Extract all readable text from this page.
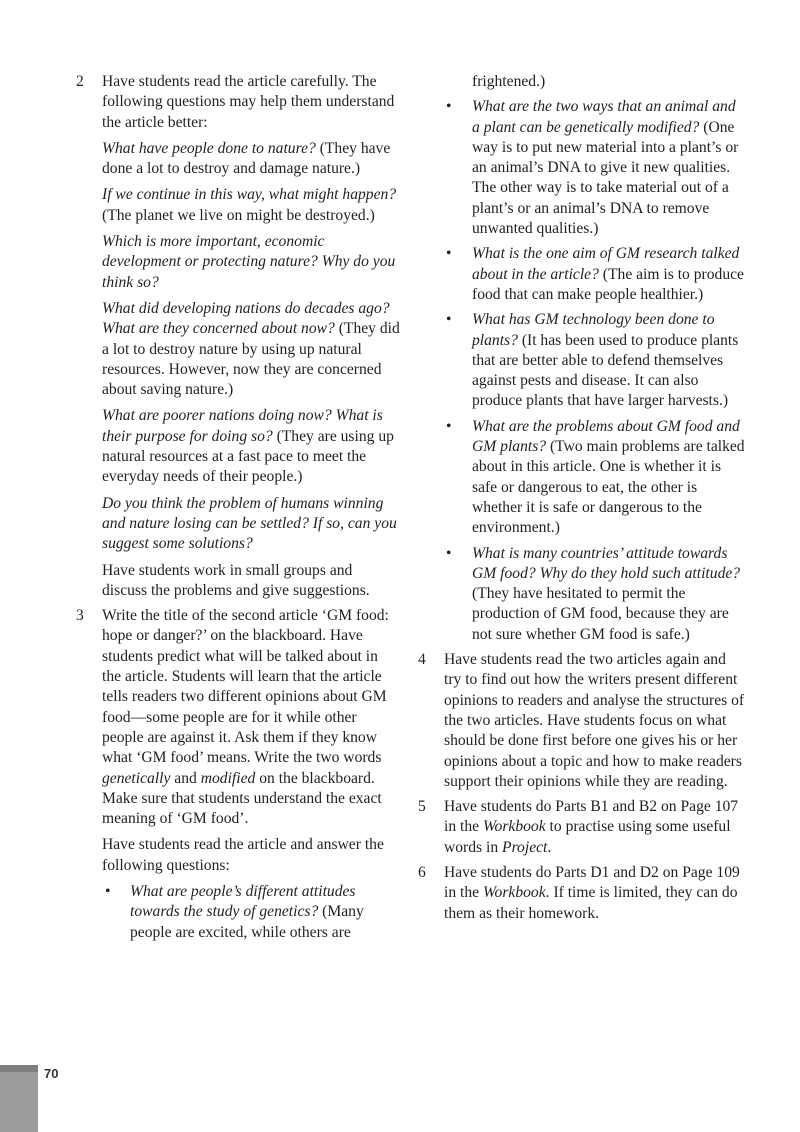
2 Have students read the article carefully. The following questions may help them understand the article better:

What have people done to nature? (They have done a lot to destroy and damage nature.)

If we continue in this way, what might happen? (The planet we live on might be destroyed.)

Which is more important, economic development or protecting nature? Why do you think so?

What did developing nations do decades ago? What are they concerned about now? (They did a lot to destroy nature by using up natural resources. However, now they are concerned about saving nature.)

What are poorer nations doing now? What is their purpose for doing so? (They are using up natural resources at a fast pace to meet the everyday needs of their people.)

Do you think the problem of humans winning and nature losing can be settled? If so, can you suggest some solutions?

Have students work in small groups and discuss the problems and give suggestions.

3 Write the title of the second article ‘GM food: hope or danger?’ on the blackboard. Have students predict what will be talked about in the article. Students will learn that the article tells readers two different opinions about GM food—some people are for it while other people are against it. Ask them if they know what ‘GM food’ means. Write the two words genetically and modified on the blackboard. Make sure that students understand the exact meaning of ‘GM food’.

Have students read the article and answer the following questions:

• What are people’s different attitudes towards the study of genetics? (Many people are excited, while others are

frightened.)

• What are the two ways that an animal and a plant can be genetically modified? (One way is to put new material into a plant’s or an animal’s DNA to give it new qualities. The other way is to take material out of a plant’s or an animal’s DNA to remove unwanted qualities.)

• What is the one aim of GM research talked about in the article? (The aim is to produce food that can make people healthier.)

• What has GM technology been done to plants? (It has been used to produce plants that are better able to defend themselves against pests and disease. It can also produce plants that have larger harvests.)

• What are the problems about GM food and GM plants? (Two main problems are talked about in this article. One is whether it is safe or dangerous to eat, the other is whether it is safe or dangerous to the environment.)

• What is many countries’ attitude towards GM food? Why do they hold such attitude? (They have hesitated to permit the production of GM food, because they are not sure whether GM food is safe.)

4 Have students read the two articles again and try to find out how the writers present different opinions to readers and analyse the structures of the two articles. Have students focus on what should be done first before one gives his or her opinions about a topic and how to make readers support their opinions while they are reading.

5 Have students do Parts B1 and B2 on Page 107 in the Workbook to practise using some useful words in Project.

6 Have students do Parts D1 and D2 on Page 109 in the Workbook. If time is limited, they can do them as their homework.

70
